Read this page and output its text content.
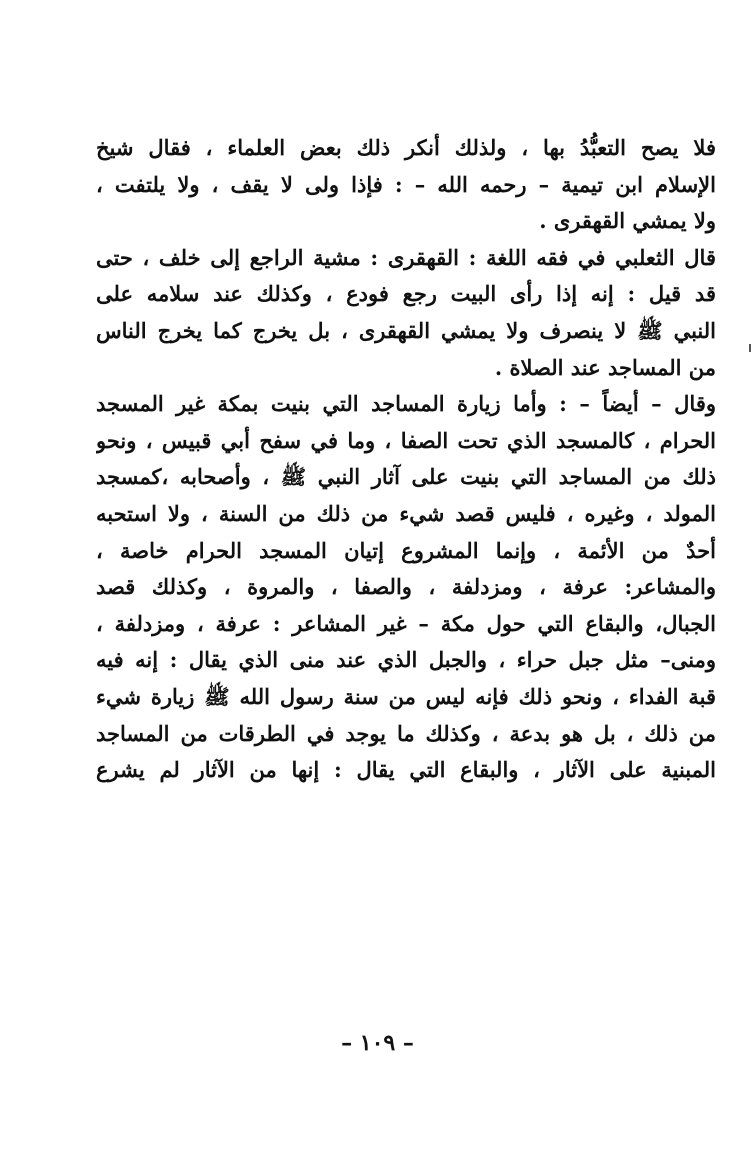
فلا يصح التعبُّدُ بها ، ولذلك أنكر ذلك بعض العلماء ، فقال شيخ
الإسلام ابن تيمية – رحمه الله – : فإذا ولى لا يقف ، ولا يلتفت ،
ولا يمشي القهقرى .
قال الثعلبي في فقه اللغة : القهقرى : مشية الراجع إلى خلف ، حتى
قد قيل : إنه إذا رأى البيت رجع فودع ، وكذلك عند سلامه على
النبي ﷺ لا ينصرف ولا يمشي القهقرى ، بل يخرج كما يخرج الناس
من المساجد عند الصلاة .
وقال – أيضاً – : وأما زيارة المساجد التي بنيت بمكة غير المسجد
الحرام ، كالمسجد الذي تحت الصفا ، وما في سفح أبي قبيس ، ونحو
ذلك من المساجد التي بنيت على آثار النبي ﷺ ، وأصحابه ،كمسجد
المولد ، وغيره ، فليس قصد شيء من ذلك من السنة ، ولا استحبه
أحدٌ من الأئمة ، وإنما المشروع إتيان المسجد الحرام خاصة ،
والمشاعر: عرفة ، ومزدلفة ، والصفا ، والمروة ، وكذلك قصد
الجبال، والبقاع التي حول مكة – غير المشاعر : عرفة ، ومزدلفة ،
ومنى– مثل جبل حراء ، والجبل الذي عند منى الذي يقال : إنه فيه
قبة الفداء ، ونحو ذلك فإنه ليس من سنة رسول الله ﷺ زيارة شيء
من ذلك ، بل هو بدعة ، وكذلك ما يوجد في الطرقات من المساجد
المبنية على الآثار ، والبقاع التي يقال : إنها من الآثار لم يشرع
– ١٠٩ –
